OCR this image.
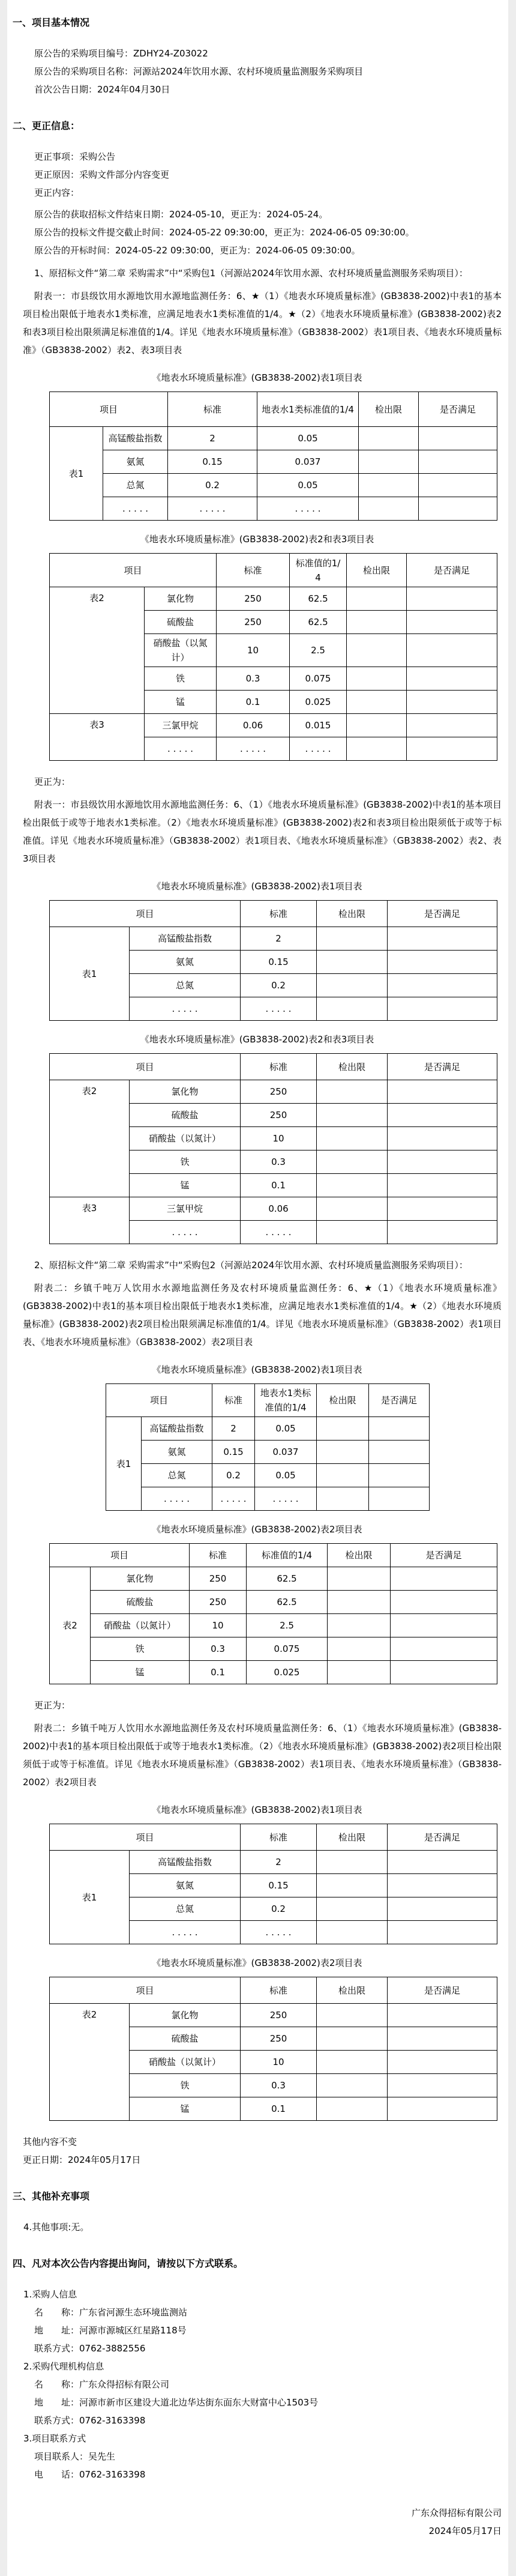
一、项目基本情况
原公告的采购项目编号：ZDHY24-Z03022
原公告的采购项目名称：河源站2024年饮用水源、农村环境质量监测服务采购项目
首次公告日期：2024年04月30日
二、更正信息：
更正事项：采购公告
更正原因：采购文件部分内容变更
更正内容：
原公告的获取招标文件结束日期：2024-05-10，更正为：2024-05-24。
原公告的投标文件提交截止时间：2024-05-22 09:30:00，更正为：2024-06-05 09:30:00。
原公告的开标时间：2024-05-22 09:30:00，更正为：2024-06-05 09:30:00。

1、原招标文件“第二章 采购需求”中“采购包1（河源站2024年饮用水源、农村环境质量监测服务采购项目）：

附表一：市县级饮用水源地饮用水源地监测任务：6、★（1）《地表水环境质量标准》(GB3838-2002)中表1的基本项目检出限低于地表水1类标准，应满足地表水1类标准值的1/4。★（2）《地表水环境质量标准》(GB3838-2002)表2和表3项目检出限须满足标准值的1/4。详见《地表水环境质量标准》（GB3838-2002）表1项目表、《地表水环境质量标准》（GB3838-2002）表2、表3项目表

《地表水环境质量标准》(GB3838-2002)表1项目表
项目		标准	地表水1类标准值的1/4	检出限	是否满足
表1	高锰酸盐指数	2	0.05		
	氨氮	0.15	0.037		
	总氮	0.2	0.05		
	. . . . .	. . . . .	. . . . .		
《地表水环境质量标准》(GB3838-2002)表2和表3项目表
项目		标准	标准值的1/4	检出限	是否满足
表2	氯化物	250	62.5		
	硫酸盐	250	62.5		
	硝酸盐（以氮计）	10	2.5		
	铁	0.3	0.075		
	锰	0.1	0.025		
表3	三氯甲烷	0.06	0.015		
	. . . . .	. . . . .	. . . . .		
更正为：

附表一：市县级饮用水源地饮用水源地监测任务：6、（1）《地表水环境质量标准》(GB3838-2002)中表1的基本项目检出限低于或等于地表水1类标准。（2）《地表水环境质量标准》(GB3838-2002)表2和表3项目检出限须低于或等于标准值。详见《地表水环境质量标准》（GB3838-2002）表1项目表、《地表水环境质量标准》（GB3838-2002）表2、表3项目表

《地表水环境质量标准》(GB3838-2002)表1项目表
项目		标准	检出限	是否满足
表1	高锰酸盐指数	2		
	氨氮	0.15		
	总氮	0.2		
	. . . . .	. . . . .		
《地表水环境质量标准》(GB3838-2002)表2和表3项目表
项目		标准	检出限	是否满足
表2	氯化物	250		
	硫酸盐	250		
	硝酸盐（以氮计）	10		
	铁	0.3		
	锰	0.1		
表3	三氯甲烷	0.06		
	. . . . .	. . . . .		

2、原招标文件“第二章 采购需求”中“采购包2（河源站2024年饮用水源、农村环境质量监测服务采购项目）：

附表二：乡镇千吨万人饮用水水源地监测任务及农村环境质量监测任务：6、★（1）《地表水环境质量标准》(GB3838-2002)中表1的基本项目检出限低于地表水1类标准，应满足地表水1类标准值的1/4。★（2）《地表水环境质量标准》(GB3838-2002)表2项目检出限须满足标准值的1/4。详见《地表水环境质量标准》（GB3838-2002）表1项目表、《地表水环境质量标准》（GB3838-2002）表2项目表

《地表水环境质量标准》(GB3838-2002)表1项目表
项目		标准	地表水1类标准值的1/4	检出限	是否满足
表1	高锰酸盐指数	2	0.05		
	氨氮	0.15	0.037		
	总氮	0.2	0.05		
	. . . . .	. . . . .	. . . . .		
《地表水环境质量标准》(GB3838-2002)表2项目表
项目		标准	标准值的1/4	检出限	是否满足
表2	氯化物	250	62.5		
	硫酸盐	250	62.5		
	硝酸盐（以氮计）	10	2.5		
	铁	0.3	0.075		
	锰	0.1	0.025		
更正为：

附表二：乡镇千吨万人饮用水水源地监测任务及农村环境质量监测任务：6、（1）《地表水环境质量标准》(GB3838-2002)中表1的基本项目检出限低于或等于地表水1类标准。（2）《地表水环境质量标准》(GB3838-2002)表2项目检出限须低于或等于标准值。详见《地表水环境质量标准》（GB3838-2002）表1项目表、《地表水环境质量标准》（GB3838-2002）表2项目表

《地表水环境质量标准》(GB3838-2002)表1项目表
项目		标准	检出限	是否满足
表1	高锰酸盐指数	2		
	氨氮	0.15		
	总氮	0.2		
	. . . . .	. . . . .		
《地表水环境质量标准》(GB3838-2002)表2项目表
项目		标准	检出限	是否满足
表2	氯化物	250		
	硫酸盐	250		
	硝酸盐（以氮计）	10		
	铁	0.3		
	锰	0.1		
其他内容不变
更正日期：2024年05月17日
三、其他补充事项
4.其他事项:无。
四、凡对本次公告内容提出询问，请按以下方式联系。
1.采购人信息
名　　称：广东省河源生态环境监测站
地　　址：河源市源城区红星路118号
联系方式：0762-3882556
2.采购代理机构信息
名　　称：广东众得招标有限公司
地　　址：河源市新市区建设大道北边华达街东面东大财富中心1503号
联系方式：0762-3163398
3.项目联系方式
项目联系人：吴先生
电　　话：0762-3163398
广东众得招标有限公司
2024年05月17日
